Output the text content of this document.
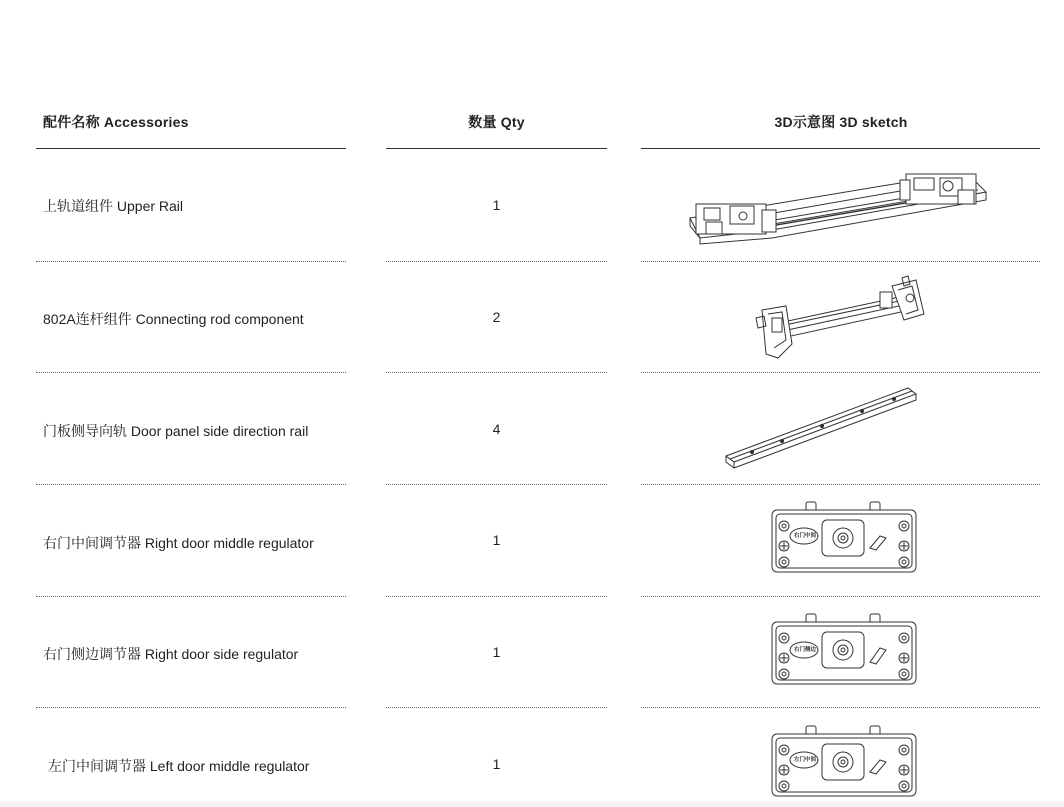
配件名称 Accessories	数量 Qty	3D示意图 3D sketch
上轨道组件 Upper Rail	1
802A连杆组件 Connecting rod component	2
门板侧导向轨 Door panel side direction rail	4
右门中间调节器 Right door middle regulator	1	右门中间
右门侧边调节器 Right door side regulator	1	右门侧边
左门中间调节器 Left door middle regulator	1	左门中间
